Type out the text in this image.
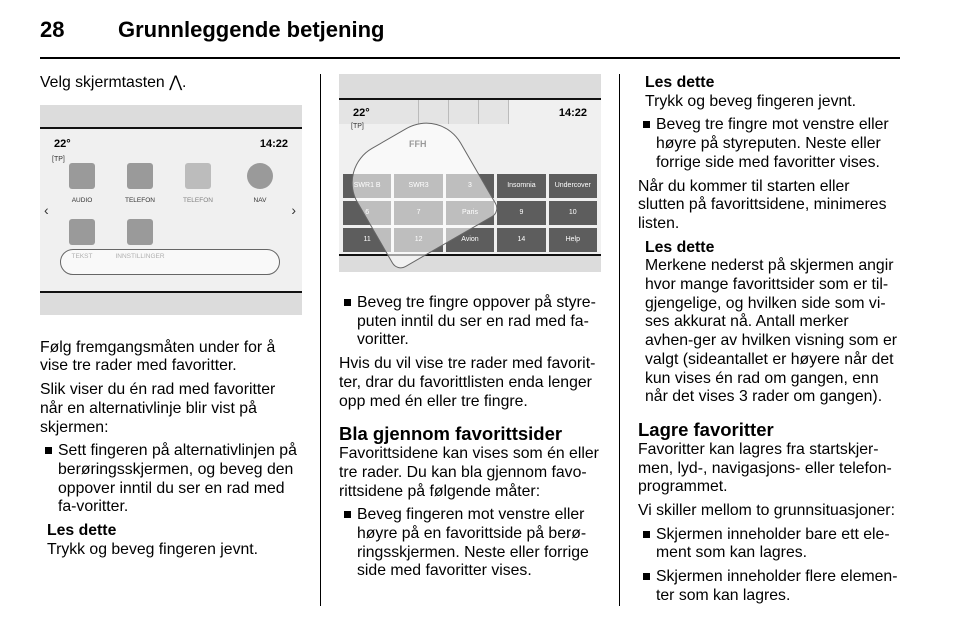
28	Grunnleggende betjening

Velg skjermtasten ⋀.

22°
[TP]
14:22
AUDIO	TELEFON	TELEFON	NAV
‹	›

Følg fremgangsmåten under for å vise tre rader med favoritter.

Slik viser du én rad med favoritter når en alternativlinje blir vist på skjermen:

Sett fingeren på alternativlinjen på berøringsskjermen, og beveg den oppover inntil du ser en rad med fa-voritter.
Les dette
Trykk og beveg fingeren jevnt.
22°
[TP]
14:22
Insomnia	Undercover
9	10
11	Avion	14	Help
Beveg tre fingre oppover på styre-puten inntil du ser en rad med fa-voritter.

Hvis du vil vise tre rader med favorit-ter, drar du favorittlisten enda lenger opp med én eller tre fingre.

Bla gjennom favorittsider

Favorittsidene kan vises som én eller tre rader. Du kan bla gjennom favo-rittsidene på følgende måter:

Beveg fingeren mot venstre eller høyre på en favorittside på berø-ringsskjermen. Neste eller forrige side med favoritter vises.
Les dette
Trykk og beveg fingeren jevnt.
Beveg tre fingre mot venstre eller høyre på styreputen. Neste eller forrige side med favoritter vises.

Når du kommer til starten eller slutten på favorittsidene, minimeres listen.

Les dette
Merkene nederst på skjermen angir hvor mange favorittsider som er til-gjengelige, og hvilken side som vi-ses akkurat nå. Antall merker avhen-ger av hvilken visning som er valgt (sideantallet er høyere når det kun vises én rad om gangen, enn når det vises 3 rader om gangen).
Lagre favoritter

Favoritter kan lagres fra startskjer-men, lyd-, navigasjons- eller telefon-programmet.

Vi skiller mellom to grunnsituasjoner:

Skjermen inneholder bare ett ele-ment som kan lagres.
Skjermen inneholder flere elemen-ter som kan lagres.
